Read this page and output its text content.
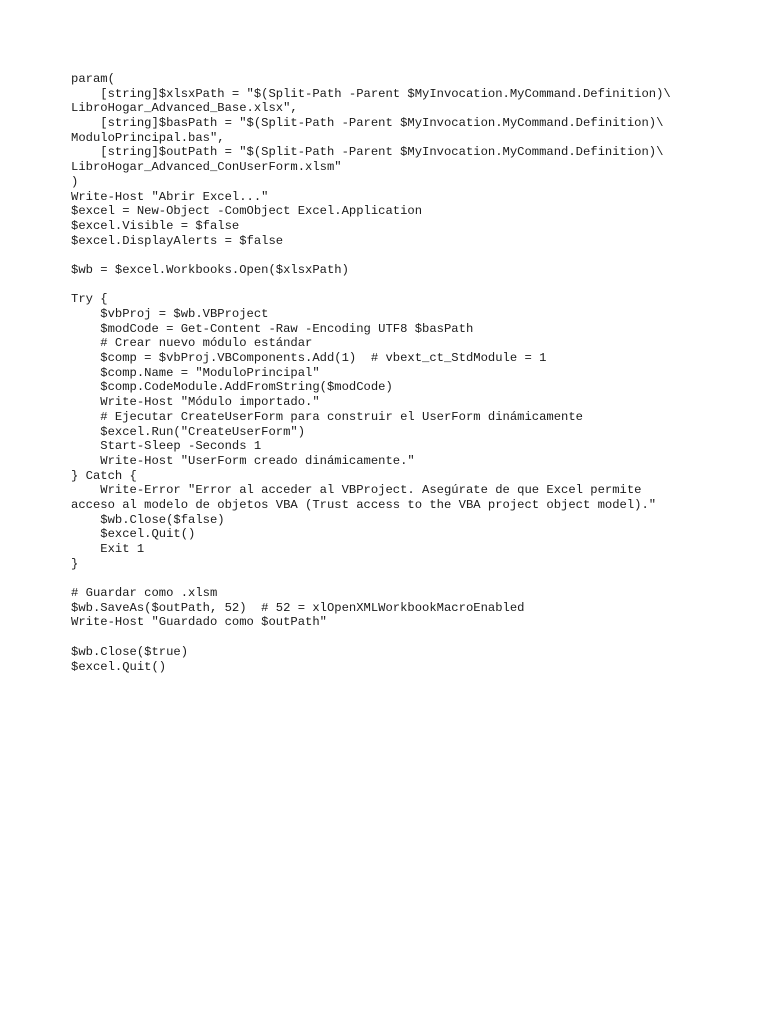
param(
[string]$xlsxPath = "$(Split-Path -Parent $MyInvocation.MyCommand.Definition)\
LibroHogar_Advanced_Base.xlsx",
[string]$basPath = "$(Split-Path -Parent $MyInvocation.MyCommand.Definition)\
ModuloPrincipal.bas",
[string]$outPath = "$(Split-Path -Parent $MyInvocation.MyCommand.Definition)\
LibroHogar_Advanced_ConUserForm.xlsm"
)
Write-Host "Abrir Excel..."
$excel = New-Object -ComObject Excel.Application
$excel.Visible = $false
$excel.DisplayAlerts = $false
$wb = $excel.Workbooks.Open($xlsxPath)
Try {
$vbProj = $wb.VBProject
$modCode = Get-Content -Raw -Encoding UTF8 $basPath
# Crear nuevo módulo estándar
$comp = $vbProj.VBComponents.Add(1)  # vbext_ct_StdModule = 1
$comp.Name = "ModuloPrincipal"
$comp.CodeModule.AddFromString($modCode)
Write-Host "Módulo importado."
# Ejecutar CreateUserForm para construir el UserForm dinámicamente
$excel.Run("CreateUserForm")
Start-Sleep -Seconds 1
Write-Host "UserForm creado dinámicamente."
} Catch {
Write-Error "Error al acceder al VBProject. Asegúrate de que Excel permite
acceso al modelo de objetos VBA (Trust access to the VBA project object model)."
$wb.Close($false)
$excel.Quit()
Exit 1
}
# Guardar como .xlsm
$wb.SaveAs($outPath, 52)  # 52 = xlOpenXMLWorkbookMacroEnabled
Write-Host "Guardado como $outPath"
$wb.Close($true)
$excel.Quit()
